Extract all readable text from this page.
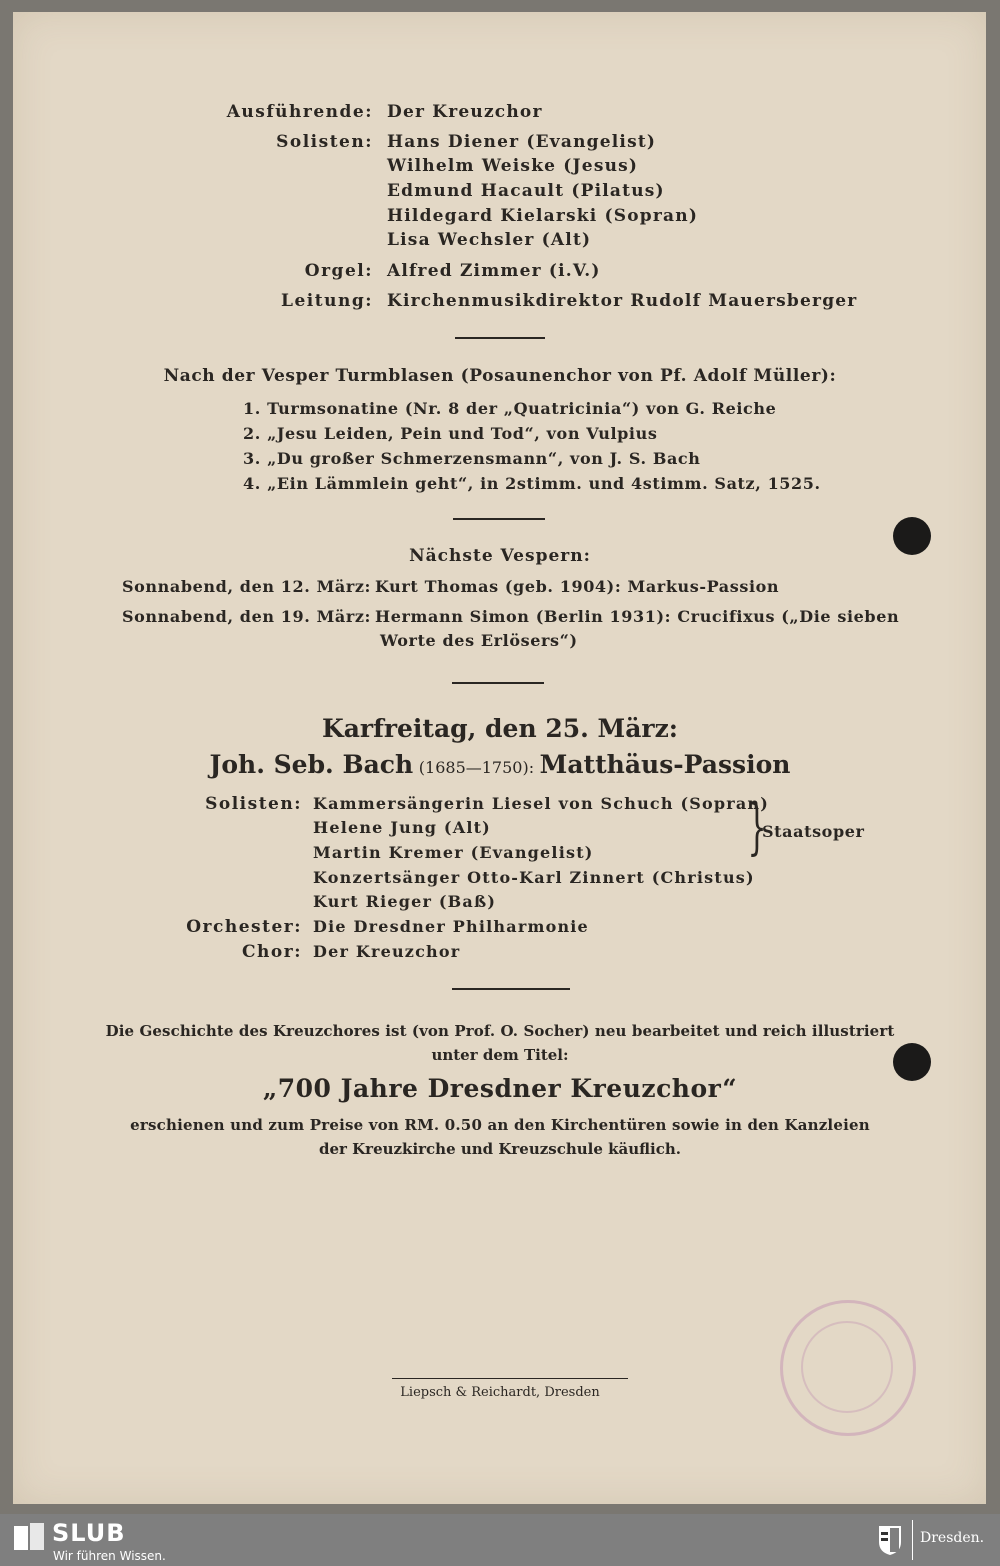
Ausführende: Der Kreuzchor
Solisten: Hans Diener (Evangelist)
Wilhelm Weiske (Jesus)
Edmund Hacault (Pilatus)
Hildegard Kielarski (Sopran)
Lisa Wechsler (Alt)
Orgel: Alfred Zimmer (i.V.)
Leitung: Kirchenmusikdirektor Rudolf Mauersberger
Nach der Vesper Turmblasen (Posaunenchor von Pf. Adolf Müller):
1. Turmsonatine (Nr. 8 der „Quatricinia“) von G. Reiche
2. „Jesu Leiden, Pein und Tod“, von Vulpius
3. „Du großer Schmerzensmann“, von J. S. Bach
4. „Ein Lämmlein geht“, in 2stimm. und 4stimm. Satz, 1525.
Nächste Vespern:
Sonnabend, den 12. März: Kurt Thomas (geb. 1904): Markus-Passion
Sonnabend, den 19. März: Hermann Simon (Berlin 1931): Crucifixus („Die sieben
Worte des Erlösers“)
Karfreitag, den 25. März:
Joh. Seb. Bach (1685—1750): Matthäus-Passion
Solisten: Kammersängerin Liesel von Schuch (Sopran)
Helene Jung (Alt)
Martin Kremer (Evangelist)
Konzertsänger Otto-Karl Zinnert (Christus)
Kurt Rieger (Baß)
}
Staatsoper
Orchester: Die Dresdner Philharmonie
Chor: Der Kreuzchor
Die Geschichte des Kreuzchores ist (von Prof. O. Socher) neu bearbeitet und reich illustriert
unter dem Titel:
„700 Jahre Dresdner Kreuzchor“
erschienen und zum Preise von RM. 0.50 an den Kirchentüren sowie in den Kanzleien
der Kreuzkirche und Kreuzschule käuflich.
Liepsch & Reichardt, Dresden
SLUB
Wir führen Wissen.
Dresden.
